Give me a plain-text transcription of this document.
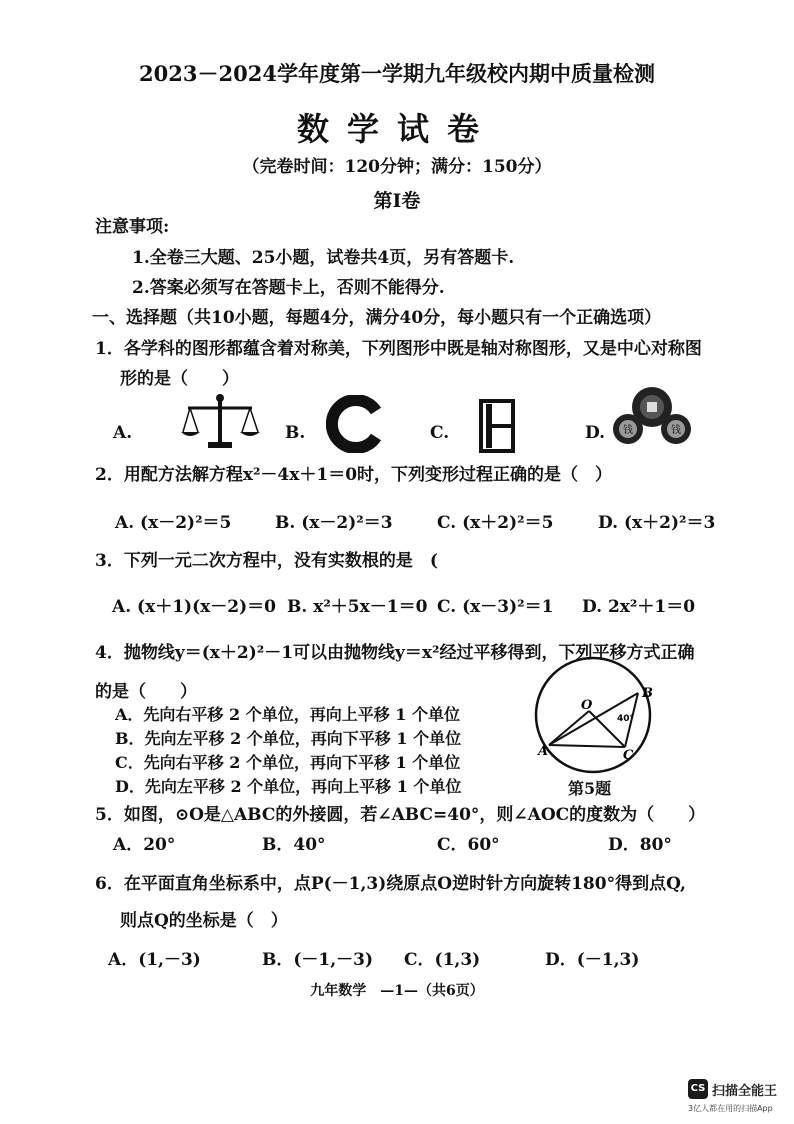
2023－2024学年度第一学期九年级校内期中质量检测
数学试卷
（完卷时间：120分钟；满分：150分）
第Ⅰ卷
注意事项:
1.全卷三大题、25小题，试卷共4页，另有答题卡.
2.答案必须写在答题卡上，否则不能得分.
一、选择题（共10小题，每题4分，满分40分，每小题只有一个正确选项）
1．各学科的图形都蕴含着对称美，下列图形中既是轴对称图形，又是中心对称图
形的是（　　）
A.	B.	C.	D. 钱	钱
2．用配方法解方程x²－4x＋1＝0时，下列变形过程正确的是（　）
A. (x－2)²＝5	B. (x－2)²＝3	C. (x＋2)²＝5	D. (x＋2)²＝3
3．下列一元二次方程中，没有实数根的是　(
A. (x＋1)(x－2)＝0 B. x²＋5x－1＝0 C. (x－3)²＝1 D. 2x²＋1＝0
4．抛物线y＝(x＋2)²－1可以由抛物线y＝x²经过平移得到，下列平移方式正确
的是（　　）
A．先向右平移 2 个单位，再向上平移 1 个单位
B．先向左平移 2 个单位，再向下平移 1 个单位
C．先向右平移 2 个单位，再向下平移 1 个单位
D．先向左平移 2 个单位，再向上平移 1 个单位
O
A
B
C
40°
第5题
5．如图，⊙O是△ABC的外接圆，若∠ABC=40°，则∠AOC的度数为（　　）
A．20°	B．40°	C．60°	D．80°
6．在平面直角坐标系中，点P(－1,3)绕原点O逆时针方向旋转180°得到点Q,
则点Q的坐标是（　）
A．(1,－3)	B．(－1,－3) C．(1,3)	D．(－1,3)
九年数学　—1—（共6页）
CS 扫描全能王
3亿人都在用的扫描App
